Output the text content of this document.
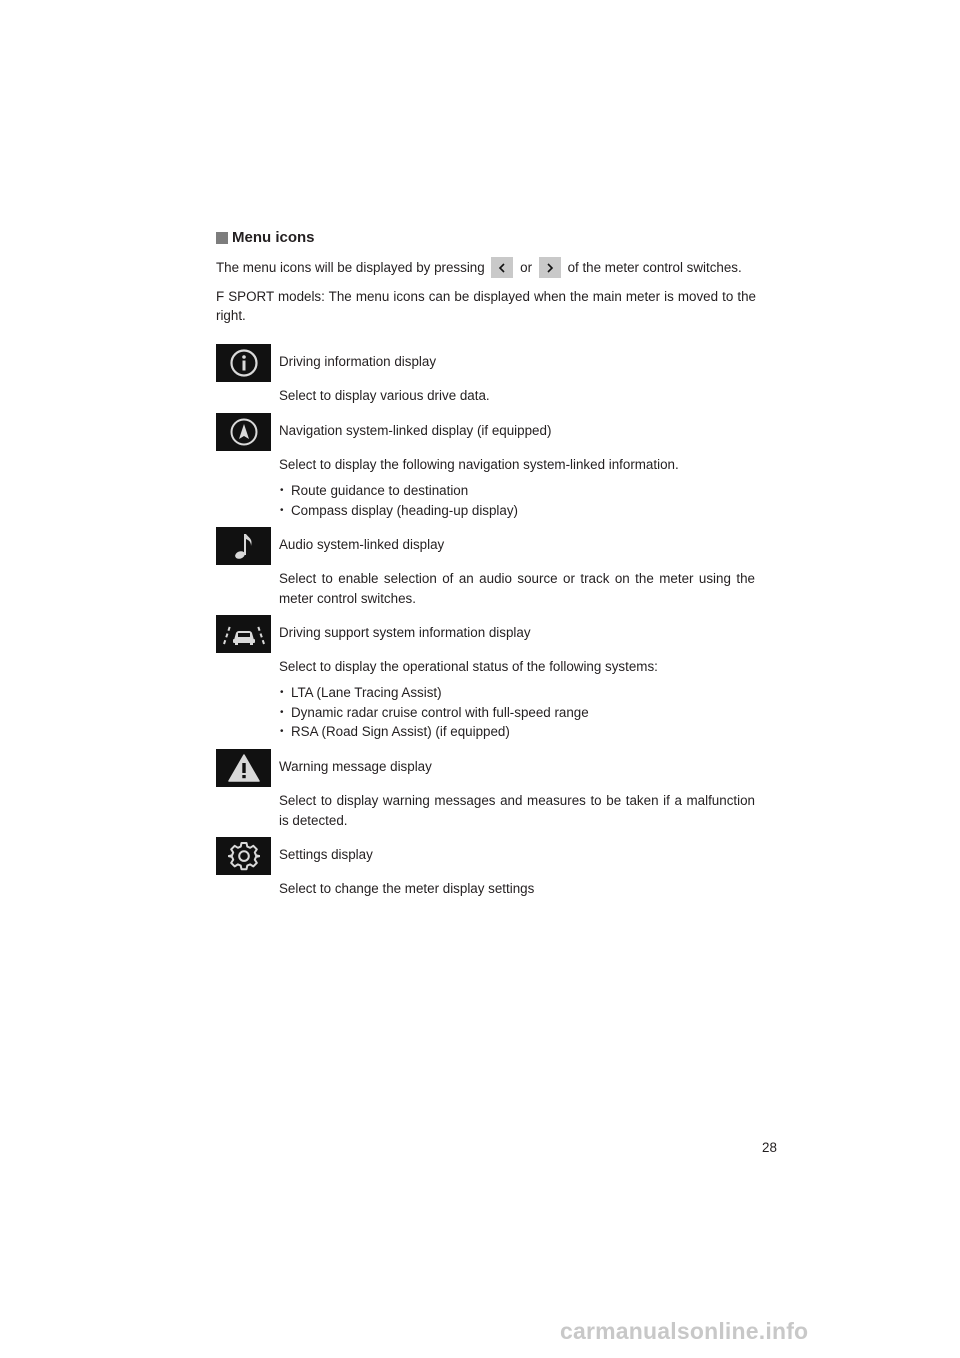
Menu icons
The menu icons will be displayed by pressing	or	of the meter control switches.
F SPORT models: The menu icons can be displayed when the main meter is moved to the right.
Driving information display
Select to display various drive data.
Navigation system-linked display (if equipped)
Select to display the following navigation system-linked information.
• Route guidance to destination
• Compass display (heading-up display)
Audio system-linked display
Select to enable selection of an audio source or track on the meter using the meter control switches.
Driving support system information display
Select to display the operational status of the following systems:
• LTA (Lane Tracing Assist)
• Dynamic radar cruise control with full-speed range
• RSA (Road Sign Assist) (if equipped)
Warning message display
Select to display warning messages and measures to be taken if a malfunction is detected.
Settings display
Select to change the meter display settings
28
carmanualsonline.info
